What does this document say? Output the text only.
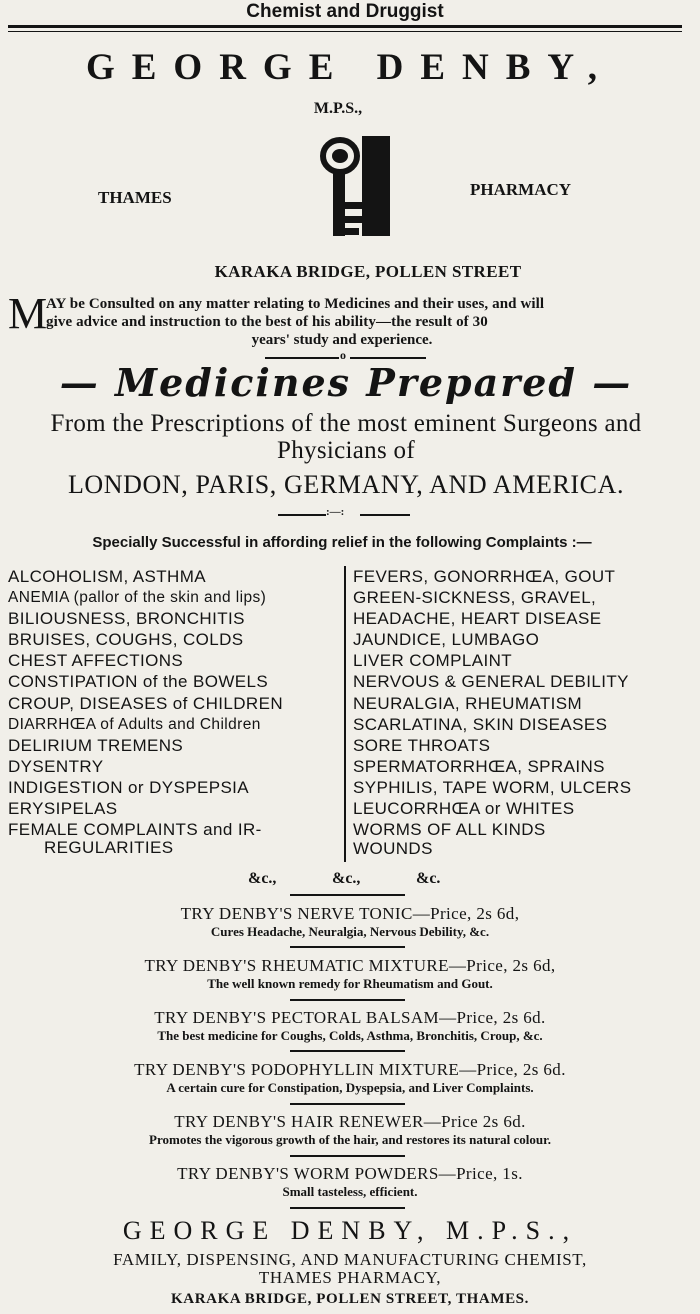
Chemist and Druggist
GEORGE DENBY,
M.P.S.,
THAMES	PHARMACY
KARAKA BRIDGE, POLLEN STREET
M
AY be Consulted on any matter relating to Medicines and their uses, and will
give advice and instruction to the best of his ability—the result of 30
years' study and experience.
o
— Medicines Prepared —
From the Prescriptions of the most eminent Surgeons and
Physicians of
LONDON, PARIS, GERMANY, AND AMERICA.
:—:
Specially Successful in affording relief in the following Complaints :—
ALCOHOLISM, ASTHMA
ANEMIA (pallor of the skin and lips)
BILIOUSNESS, BRONCHITIS
BRUISES, COUGHS, COLDS
CHEST AFFECTIONS
CONSTIPATION of the BOWELS
CROUP, DISEASES of CHILDREN
DIARRHŒA of Adults and Children
DELIRIUM TREMENS
DYSENTRY
INDIGESTION or DYSPEPSIA
ERYSIPELAS
FEMALE COMPLAINTS and IR-
REGULARITIES
FEVERS, GONORRHŒA, GOUT
GREEN-SICKNESS, GRAVEL,
HEADACHE, HEART DISEASE
JAUNDICE, LUMBAGO
LIVER COMPLAINT
NERVOUS & GENERAL DEBILITY
NEURALGIA, RHEUMATISM
SCARLATINA, SKIN DISEASES
SORE THROATS
SPERMATORRHŒA, SPRAINS
SYPHILIS, TAPE WORM, ULCERS
LEUCORRHŒA or WHITES
WORMS OF ALL KINDS
WOUNDS
&c.,	&c.,	&c.
TRY DENBY'S NERVE TONIC—Price, 2s 6d,
Cures Headache, Neuralgia, Nervous Debility, &c.
TRY DENBY'S RHEUMATIC MIXTURE—Price, 2s 6d,
The well known remedy for Rheumatism and Gout.
TRY DENBY'S PECTORAL BALSAM—Price, 2s 6d.
The best medicine for Coughs, Colds, Asthma, Bronchitis, Croup, &c.
TRY DENBY'S PODOPHYLLIN MIXTURE—Price, 2s 6d.
A certain cure for Constipation, Dyspepsia, and Liver Complaints.
TRY DENBY'S HAIR RENEWER—Price 2s 6d.
Promotes the vigorous growth of the hair, and restores its natural colour.
TRY DENBY'S WORM POWDERS—Price, 1s.
Small tasteless, efficient.
GEORGE DENBY, M.P.S.,
FAMILY, DISPENSING, AND MANUFACTURING CHEMIST,
THAMES PHARMACY,
KARAKA BRIDGE, POLLEN STREET, THAMES.
